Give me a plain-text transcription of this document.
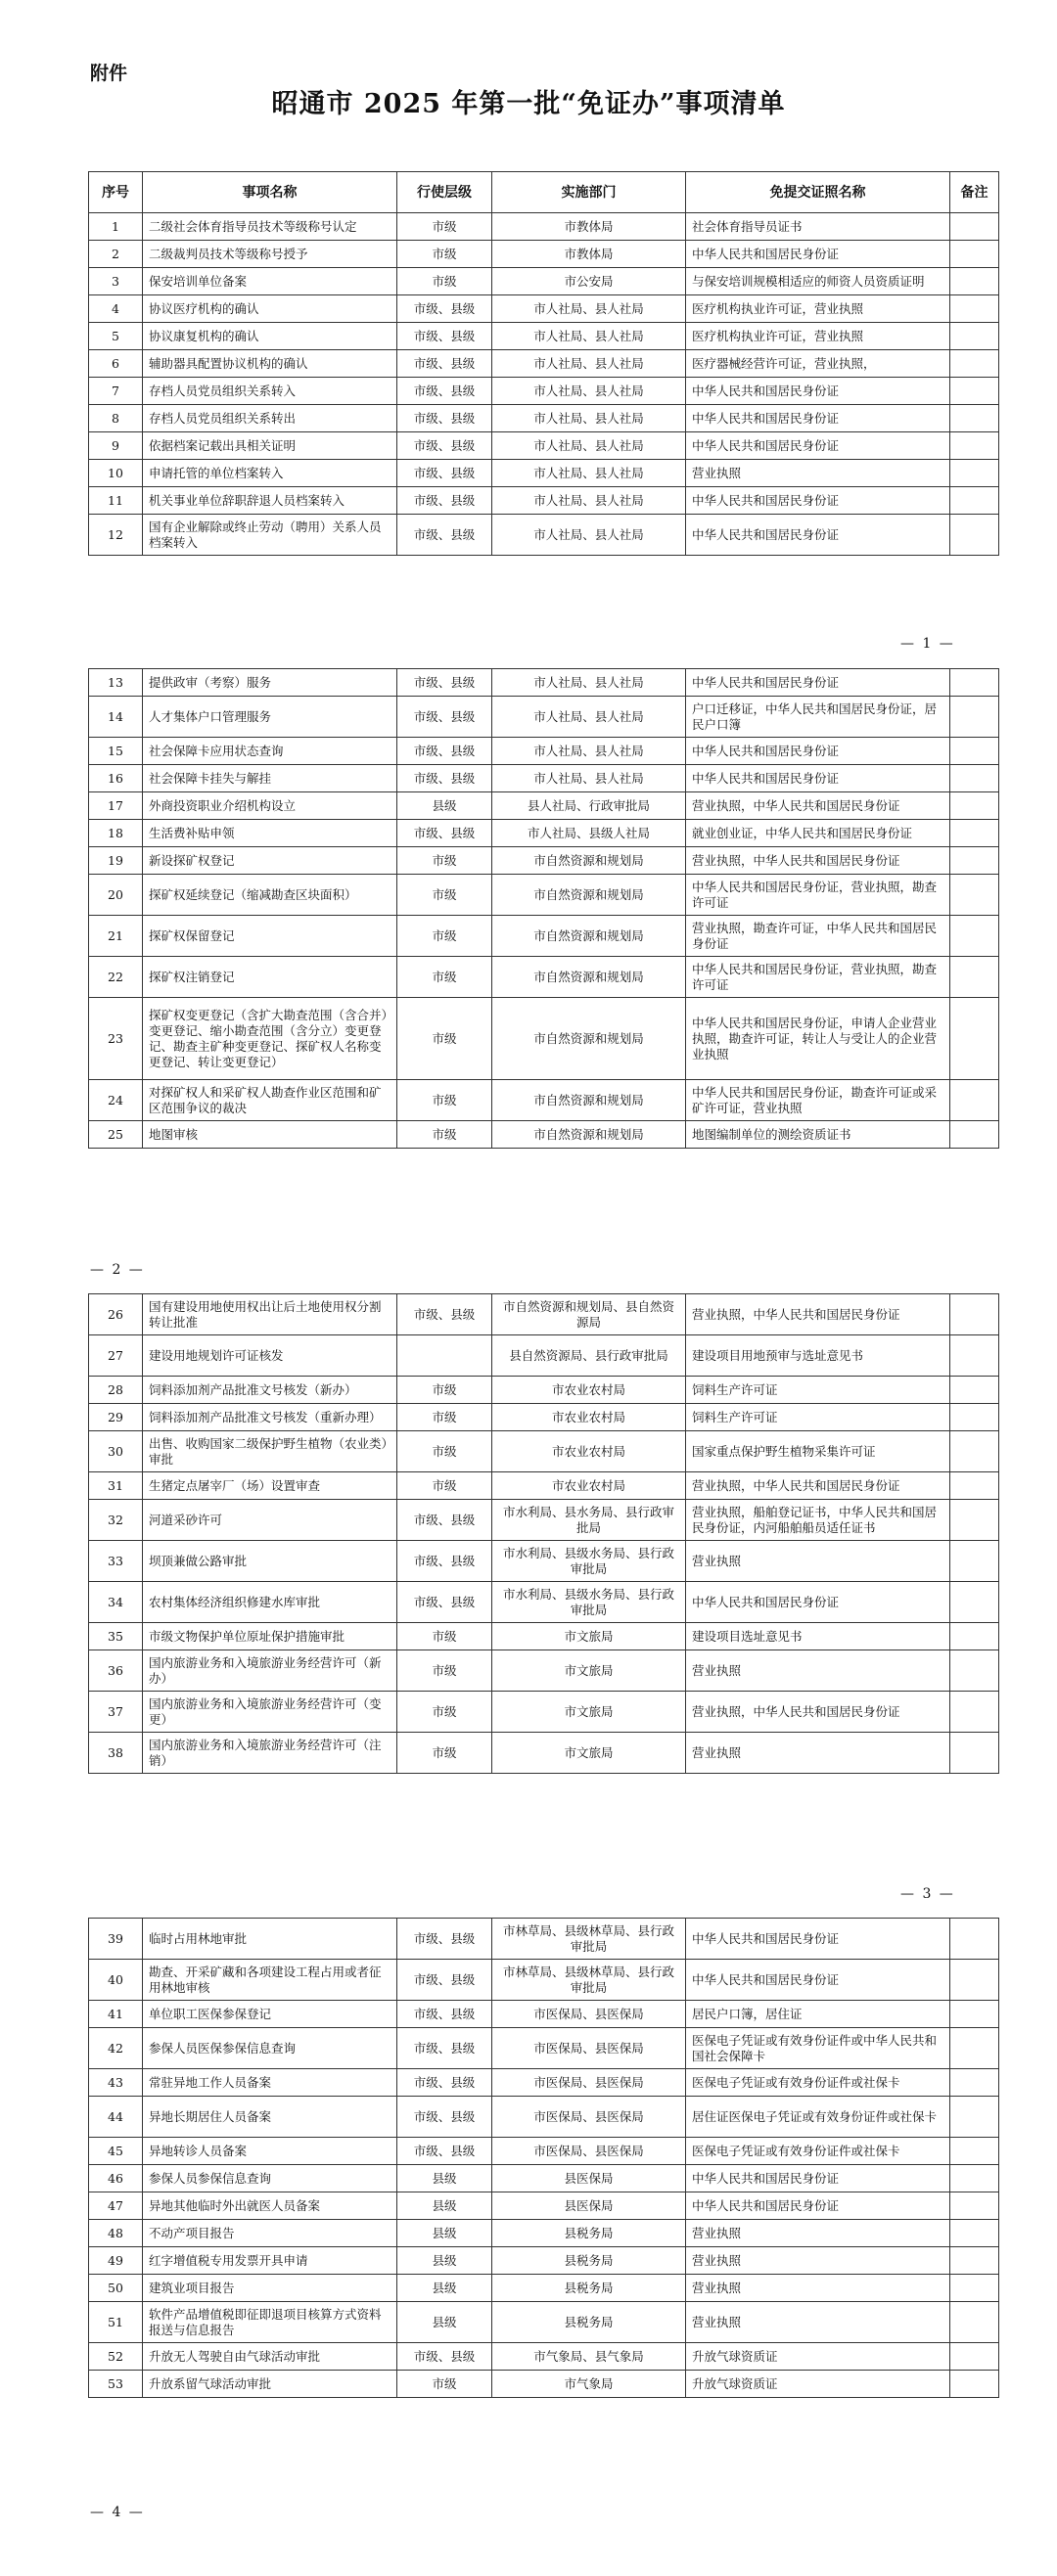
附件
昭通市 2025 年第一批“免证办”事项清单
序号	事项名称	行使层级	实施部门	免提交证照名称	备注
1	二级社会体育指导员技术等级称号认定	市级	市教体局	社会体育指导员证书	
2	二级裁判员技术等级称号授予	市级	市教体局	中华人民共和国居民身份证	
3	保安培训单位备案	市级	市公安局	与保安培训规模相适应的师资人员资质证明	
4	协议医疗机构的确认	市级、县级	市人社局、县人社局	医疗机构执业许可证，营业执照	
5	协议康复机构的确认	市级、县级	市人社局、县人社局	医疗机构执业许可证，营业执照	
6	辅助器具配置协议机构的确认	市级、县级	市人社局、县人社局	医疗器械经营许可证，营业执照，	
7	存档人员党员组织关系转入	市级、县级	市人社局、县人社局	中华人民共和国居民身份证	
8	存档人员党员组织关系转出	市级、县级	市人社局、县人社局	中华人民共和国居民身份证	
9	依据档案记载出具相关证明	市级、县级	市人社局、县人社局	中华人民共和国居民身份证	
10	申请托管的单位档案转入	市级、县级	市人社局、县人社局	营业执照	
11	机关事业单位辞职辞退人员档案转入	市级、县级	市人社局、县人社局	中华人民共和国居民身份证	
12	国有企业解除或终止劳动（聘用）关系人员档案转入	市级、县级	市人社局、县人社局	中华人民共和国居民身份证	
— 1 —
13	提供政审（考察）服务	市级、县级	市人社局、县人社局	中华人民共和国居民身份证	
14	人才集体户口管理服务	市级、县级	市人社局、县人社局	户口迁移证，中华人民共和国居民身份证，居民户口簿	
15	社会保障卡应用状态查询	市级、县级	市人社局、县人社局	中华人民共和国居民身份证	
16	社会保障卡挂失与解挂	市级、县级	市人社局、县人社局	中华人民共和国居民身份证	
17	外商投资职业介绍机构设立	县级	县人社局、行政审批局	营业执照，中华人民共和国居民身份证	
18	生活费补贴申领	市级、县级	市人社局、县级人社局	就业创业证，中华人民共和国居民身份证	
19	新设探矿权登记	市级	市自然资源和规划局	营业执照，中华人民共和国居民身份证	
20	探矿权延续登记（缩减勘查区块面积）	市级	市自然资源和规划局	中华人民共和国居民身份证，营业执照，勘查许可证	
21	探矿权保留登记	市级	市自然资源和规划局	营业执照，勘查许可证，中华人民共和国居民身份证	
22	探矿权注销登记	市级	市自然资源和规划局	中华人民共和国居民身份证，营业执照，勘查许可证	
23	探矿权变更登记（含扩大勘查范围（含合并）变更登记、缩小勘查范围（含分立）变更登记、勘查主矿种变更登记、探矿权人名称变更登记、转让变更登记）	市级	市自然资源和规划局	中华人民共和国居民身份证，申请人企业营业执照，勘查许可证，转让人与受让人的企业营业执照	
24	对探矿权人和采矿权人勘查作业区范围和矿区范围争议的裁决	市级	市自然资源和规划局	中华人民共和国居民身份证，勘查许可证或采矿许可证，营业执照	
25	地图审核	市级	市自然资源和规划局	地图编制单位的测绘资质证书	
— 2 —
26	国有建设用地使用权出让后土地使用权分割转让批准	市级、县级	市自然资源和规划局、县自然资源局	营业执照，中华人民共和国居民身份证	
27	建设用地规划许可证核发		县自然资源局、县行政审批局	建设项目用地预审与选址意见书	
28	饲料添加剂产品批准文号核发（新办）	市级	市农业农村局	饲料生产许可证	
29	饲料添加剂产品批准文号核发（重新办理）	市级	市农业农村局	饲料生产许可证	
30	出售、收购国家二级保护野生植物（农业类）审批	市级	市农业农村局	国家重点保护野生植物采集许可证	
31	生猪定点屠宰厂（场）设置审查	市级	市农业农村局	营业执照，中华人民共和国居民身份证	
32	河道采砂许可	市级、县级	市水利局、县水务局、县行政审批局	营业执照，船舶登记证书，中华人民共和国居民身份证，内河船舶船员适任证书	
33	坝顶兼做公路审批	市级、县级	市水利局、县级水务局、县行政审批局	营业执照	
34	农村集体经济组织修建水库审批	市级、县级	市水利局、县级水务局、县行政审批局	中华人民共和国居民身份证	
35	市级文物保护单位原址保护措施审批	市级	市文旅局	建设项目选址意见书	
36	国内旅游业务和入境旅游业务经营许可（新办）	市级	市文旅局	营业执照	
37	国内旅游业务和入境旅游业务经营许可（变更）	市级	市文旅局	营业执照，中华人民共和国居民身份证	
38	国内旅游业务和入境旅游业务经营许可（注销）	市级	市文旅局	营业执照	
— 3 —
39	临时占用林地审批	市级、县级	市林草局、县级林草局、县行政审批局	中华人民共和国居民身份证	
40	勘查、开采矿藏和各项建设工程占用或者征用林地审核	市级、县级	市林草局、县级林草局、县行政审批局	中华人民共和国居民身份证	
41	单位职工医保参保登记	市级、县级	市医保局、县医保局	居民户口簿，居住证	
42	参保人员医保参保信息查询	市级、县级	市医保局、县医保局	医保电子凭证或有效身份证件或中华人民共和国社会保障卡	
43	常驻异地工作人员备案	市级、县级	市医保局、县医保局	医保电子凭证或有效身份证件或社保卡	
44	异地长期居住人员备案	市级、县级	市医保局、县医保局	居住证医保电子凭证或有效身份证件或社保卡	
45	异地转诊人员备案	市级、县级	市医保局、县医保局	医保电子凭证或有效身份证件或社保卡	
46	参保人员参保信息查询	县级	县医保局	中华人民共和国居民身份证	
47	异地其他临时外出就医人员备案	县级	县医保局	中华人民共和国居民身份证	
48	不动产项目报告	县级	县税务局	营业执照	
49	红字增值税专用发票开具申请	县级	县税务局	营业执照	
50	建筑业项目报告	县级	县税务局	营业执照	
51	软件产品增值税即征即退项目核算方式资料报送与信息报告	县级	县税务局	营业执照	
52	升放无人驾驶自由气球活动审批	市级、县级	市气象局、县气象局	升放气球资质证	
53	升放系留气球活动审批	市级	市气象局	升放气球资质证	
— 4 —
